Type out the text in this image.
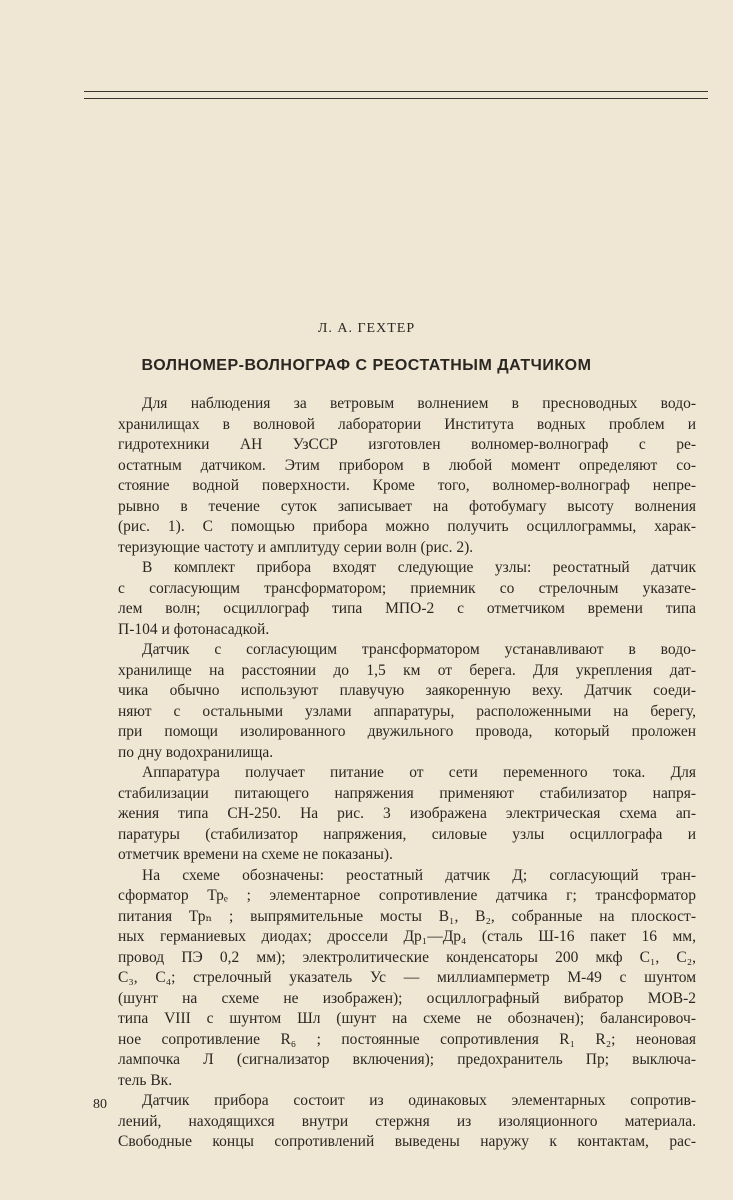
Л. А. ГЕХТЕР
ВОЛНОМЕР-ВОЛНОГРАФ С РЕОСТАТНЫМ ДАТЧИКОМ

Для наблюдения за ветровым волнением в пресноводных водо-
хранилищах в волновой лаборатории Института водных проблем и
гидротехники АН УзССР изготовлен волномер-волнограф с ре-
остатным датчиком. Этим прибором в любой момент определяют со-
стояние водной поверхности. Кроме того, волномер-волнограф непре-
рывно в течение суток записывает на фотобумагу высоту волнения
(рис. 1). С помощью прибора можно получить осциллограммы, харак-
теризующие частоту и амплитуду серии волн (рис. 2).

В комплект прибора входят следующие узлы: реостатный датчик
с согласующим трансформатором; приемник со стрелочным указате-
лем волн; осциллограф типа МПО-2 с отметчиком времени типа
П-104 и фотонасадкой.

Датчик с согласующим трансформатором устанавливают в водо-
хранилище на расстоянии до 1,5 км от берега. Для укрепления дат-
чика обычно используют плавучую заякоренную веху. Датчик соеди-
няют с остальными узлами аппаратуры, расположенными на берегу,
при помощи изолированного двужильного провода, который проложен
по дну водохранилища.

Аппаратура получает питание от сети переменного тока. Для
стабилизации питающего напряжения применяют стабилизатор напря-
жения типа СН-250. На рис. 3 изображена электрическая схема ап-
паратуры (стабилизатор напряжения, силовые узлы осциллографа и
отметчик времени на схеме не показаны).

На схеме обозначены: реостатный датчик Д; согласующий тран-
сформатор Трₑ ; элементарное сопротивление датчика г; трансформатор
питания Трₙ ; выпрямительные мосты В₁, В₂, собранные на плоскост-
ных германиевых диодах; дроссели Др₁—Др₄ (сталь Ш-16 пакет 16 мм,
провод ПЭ 0,2 мм); электролитические конденсаторы 200 мкф С₁, С₂,
С₃, С₄; стрелочный указатель Ус — миллиамперметр М-49 с шунтом
(шунт на схеме не изображен); осциллографный вибратор МОВ-2
типа VIII с шунтом Шл (шунт на схеме не обозначен); балансировоч-
ное сопротивление R₆ ; постоянные сопротивления R₁ R₂; неоновая
лампочка Л (сигнализатор включения); предохранитель Пр; выключа-
тель Вк.

Датчик прибора состоит из одинаковых элементарных сопротив-
лений, находящихся внутри стержня из изоляционного материала.
Свободные концы сопротивлений выведены наружу к контактам, рас-

80
